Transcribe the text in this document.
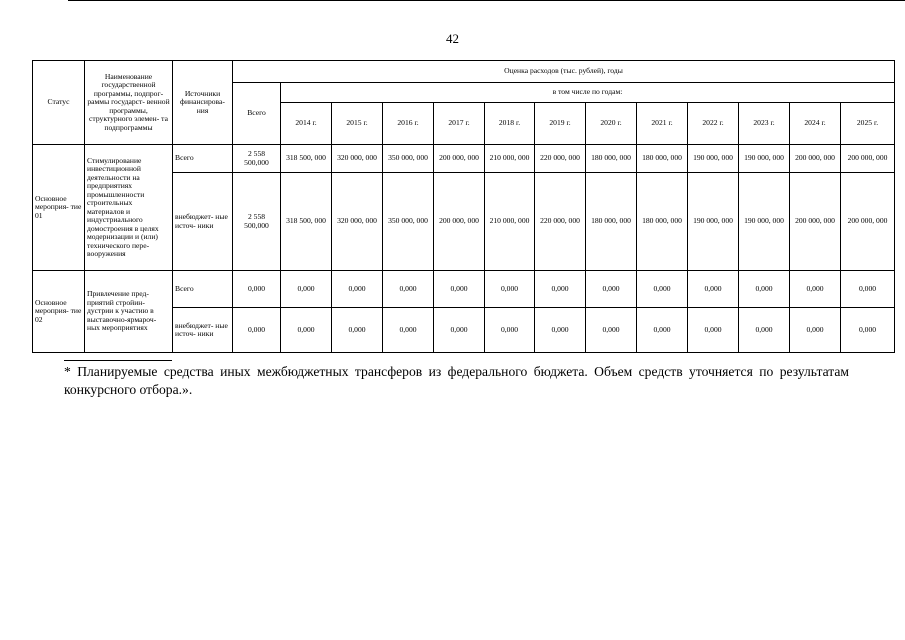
42
Статус	Наименование государственной программы, подпрог- раммы государст- венной программы, структурного элемен- та подпрограммы	Источники финансирова- ния	Оценка расходов (тыс. рублей), годы												
			Всего	в том числе по годам:											
				2014 г.	2015 г.	2016 г.	2017 г.	2018 г.	2019 г.	2020 г.	2021 г.	2022 г.	2023 г.	2024 г.	2025 г.
Основное мероприя- тие 01	Стимулирование инвестиционной деятельности на предприятиях промышленности строительных материалов и индустриального домостроения в целях модернизации и (или) технического пере- вооружения	Всего	2 558 500,000	318 500, 000	320 000, 000	350 000, 000	200 000, 000	210 000, 000	220 000, 000	180 000, 000	180 000, 000	190 000, 000	190 000, 000	200 000, 000	200 000, 000
		внебюджет- ные источ- ники	2 558 500,000	318 500, 000	320 000, 000	350 000, 000	200 000, 000	210 000, 000	220 000, 000	180 000, 000	180 000, 000	190 000, 000	190 000, 000	200 000, 000	200 000, 000
Основное мероприя- тие 02	Привлечение пред- приятий стройин- дустрии к участию в выставочно-ярмароч- ных мероприятиях	Всего	0,000	0,000	0,000	0,000	0,000	0,000	0,000	0,000	0,000	0,000	0,000	0,000	0,000
		внебюджет- ные источ- ники	0,000	0,000	0,000	0,000	0,000	0,000	0,000	0,000	0,000	0,000	0,000	0,000	0,000
* Планируемые средства иных межбюджетных трансферов из федерального бюджета. Объем средств уточняется по результатам конкурсного отбора.».
